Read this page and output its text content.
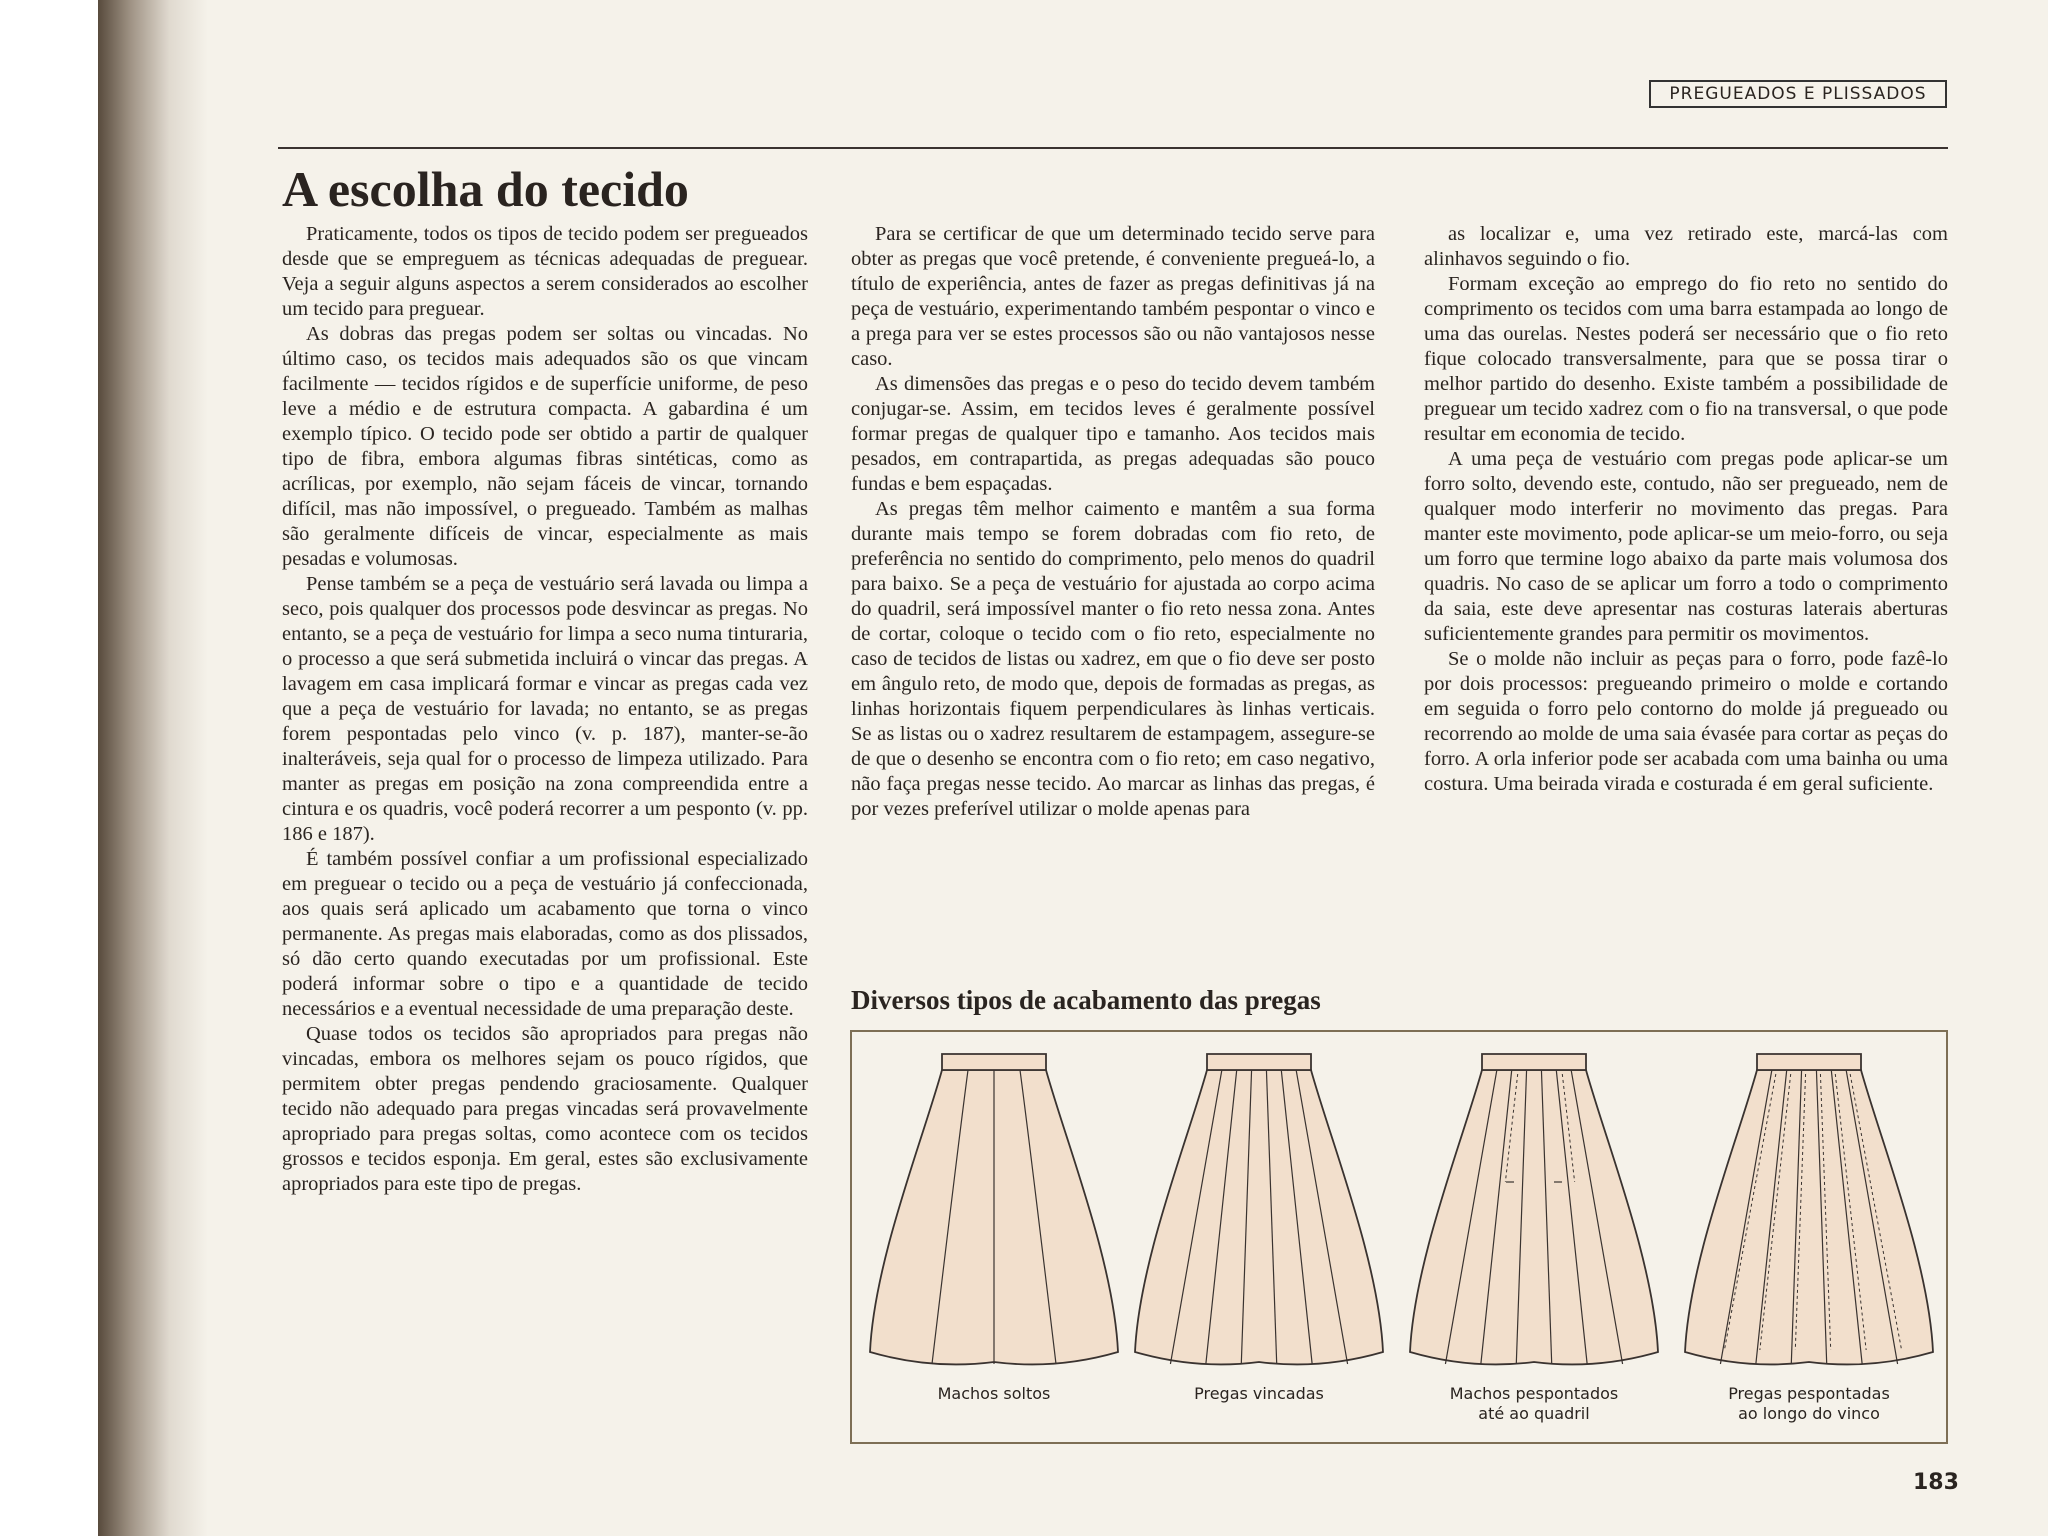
PREGUEADOS E PLISSADOS
A escolha do tecido

Praticamente, todos os tipos de tecido podem ser pregueados desde que se empreguem as técnicas adequadas de preguear. Veja a seguir alguns aspectos a serem considerados ao escolher um tecido para preguear.

As dobras das pregas podem ser soltas ou vincadas. No último caso, os tecidos mais adequados são os que vincam facilmente — tecidos rígidos e de superfície uniforme, de peso leve a médio e de estrutura compacta. A gabardina é um exemplo típico. O tecido pode ser obtido a partir de qualquer tipo de fibra, embora algumas fibras sintéticas, como as acrílicas, por exemplo, não sejam fáceis de vincar, tornando difícil, mas não impossível, o pregueado. Também as malhas são geralmente difíceis de vincar, especialmente as mais pesadas e volumosas.

Pense também se a peça de vestuário será lavada ou limpa a seco, pois qualquer dos processos pode desvincar as pregas. No entanto, se a peça de vestuário for limpa a seco numa tinturaria, o processo a que será submetida incluirá o vincar das pregas. A lavagem em casa implicará formar e vincar as pregas cada vez que a peça de vestuário for lavada; no entanto, se as pregas forem pespontadas pelo vinco (v. p. 187), manter-se-ão inalteráveis, seja qual for o processo de limpeza utilizado. Para manter as pregas em posição na zona compreendida entre a cintura e os quadris, você poderá recorrer a um pesponto (v. pp. 186 e 187).

É também possível confiar a um profissional especializado em preguear o tecido ou a peça de vestuário já confeccionada, aos quais será aplicado um acabamento que torna o vinco permanente. As pregas mais elaboradas, como as dos plissados, só dão certo quando executadas por um profissional. Este poderá informar sobre o tipo e a quantidade de tecido necessários e a eventual necessidade de uma preparação deste.

Quase todos os tecidos são apropriados para pregas não vincadas, embora os melhores sejam os pouco rígidos, que permitem obter pregas pendendo graciosamente. Qualquer tecido não adequado para pregas vincadas será provavelmente apropriado para pregas soltas, como acontece com os tecidos grossos e tecidos esponja. Em geral, estes são exclusivamente apropriados para este tipo de pregas.

Para se certificar de que um determinado tecido serve para obter as pregas que você pretende, é conveniente pregueá-lo, a título de experiência, antes de fazer as pregas definitivas já na peça de vestuário, experimentando também pespontar o vinco e a prega para ver se estes processos são ou não vantajosos nesse caso.

As dimensões das pregas e o peso do tecido devem também conjugar-se. Assim, em tecidos leves é geralmente possível formar pregas de qualquer tipo e tamanho. Aos tecidos mais pesados, em contrapartida, as pregas adequadas são pouco fundas e bem espaçadas.

As pregas têm melhor caimento e mantêm a sua forma durante mais tempo se forem dobradas com fio reto, de preferência no sentido do comprimento, pelo menos do quadril para baixo. Se a peça de vestuário for ajustada ao corpo acima do quadril, será impossível manter o fio reto nessa zona. Antes de cortar, coloque o tecido com o fio reto, especialmente no caso de tecidos de listas ou xadrez, em que o fio deve ser posto em ângulo reto, de modo que, depois de formadas as pregas, as linhas horizontais fiquem perpendiculares às linhas verticais. Se as listas ou o xadrez resultarem de estampagem, assegure-se de que o desenho se encontra com o fio reto; em caso negativo, não faça pregas nesse tecido. Ao marcar as linhas das pregas, é por vezes preferível utilizar o molde apenas para

as localizar e, uma vez retirado este, marcá-las com alinhavos seguindo o fio.

Formam exceção ao emprego do fio reto no sentido do comprimento os tecidos com uma barra estampada ao longo de uma das ourelas. Nestes poderá ser necessário que o fio reto fique colocado transversalmente, para que se possa tirar o melhor partido do desenho. Existe também a possibilidade de preguear um tecido xadrez com o fio na transversal, o que pode resultar em economia de tecido.

A uma peça de vestuário com pregas pode aplicar-se um forro solto, devendo este, contudo, não ser pregueado, nem de qualquer modo interferir no movimento das pregas. Para manter este movimento, pode aplicar-se um meio-forro, ou seja um forro que termine logo abaixo da parte mais volumosa dos quadris. No caso de se aplicar um forro a todo o comprimento da saia, este deve apresentar nas costuras laterais aberturas suficientemente grandes para permitir os movimentos.

Se o molde não incluir as peças para o forro, pode fazê-lo por dois processos: pregueando primeiro o molde e cortando em seguida o forro pelo contorno do molde já pregueado ou recorrendo ao molde de uma saia évasée para cortar as peças do forro. A orla inferior pode ser acabada com uma bainha ou uma costura. Uma beirada virada e costurada é em geral suficiente.

Diversos tipos de acabamento das pregas
Machos soltos	Pregas vincadas	Machos pespontados
até ao quadril
Pregas pespontadas
ao longo do vinco
183
